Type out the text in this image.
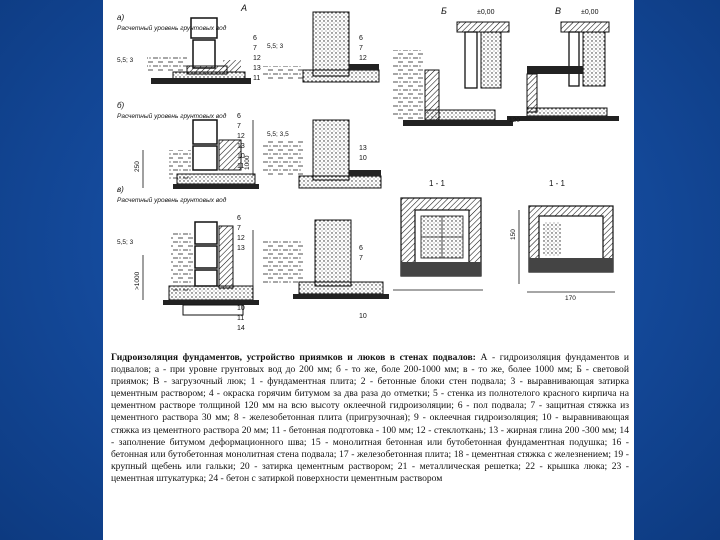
А	Б	В
а)
б)
в)
Расчетный уровень грунтовых вод
Расчетный уровень грунтовых вод
Расчетный уровень грунтовых вод
±0,00	±0,00
1 - 1	1 - 1
5,5; 3
5,5; 3
5,5; 3,5
5,5; 3
250
>1000
1000
150
120
170
6
7
12
13
11
6
7
12
13
10
11
6
7
12
13
10
11
14
6
7
12
13
10
6
7
10

Гидроизоляция фундаментов, устройство приямков и люков в стенах подвалов: А - гидроизоляция фундаментов и подвалов; а - при уровне грунтовых вод до 200 мм; б - то же, боле 200-1000 мм; в - то же, более 1000 мм; Б - световой приямок; В - загрузочный люк; 1 - фундаментная плита; 2 - бетонные блоки стен подвала; 3 - выравнивающая затирка цементным раствором; 4 - окраска горячим битумом за два раза до отметки; 5 - стенка из полнотелого красного кирпича на цементном растворе толщиной 120 мм на всю высоту оклеечной гидроизоляции; 6 - пол подвала; 7 - защитная стяжка из цементного раствора 30 мм; 8 - железобетонная плита (пригрузочная); 9 - оклеечная гидроизоляция; 10 - выравнивающая стяжка из цементного раствора 20 мм; 11 - бетонная подготовка - 100 мм; 12 - стеклоткань; 13 - жирная глина 200 -300 мм; 14 - заполнение битумом деформационного шва; 15 - монолитная бетонная или бутобетонная фундаментная подушка; 16 - бетонная или бутобетонная монолитная стена подвала; 17 - железобетонная плита; 18 - цементная стяжка с железнением; 19 - крупный щебень или гальки; 20 - затирка цементным раствором; 21 - металлическая решетка; 22 - крышка люка; 23 - цементная штукатурка; 24 - бетон с затиркой поверхности цементным раствором
